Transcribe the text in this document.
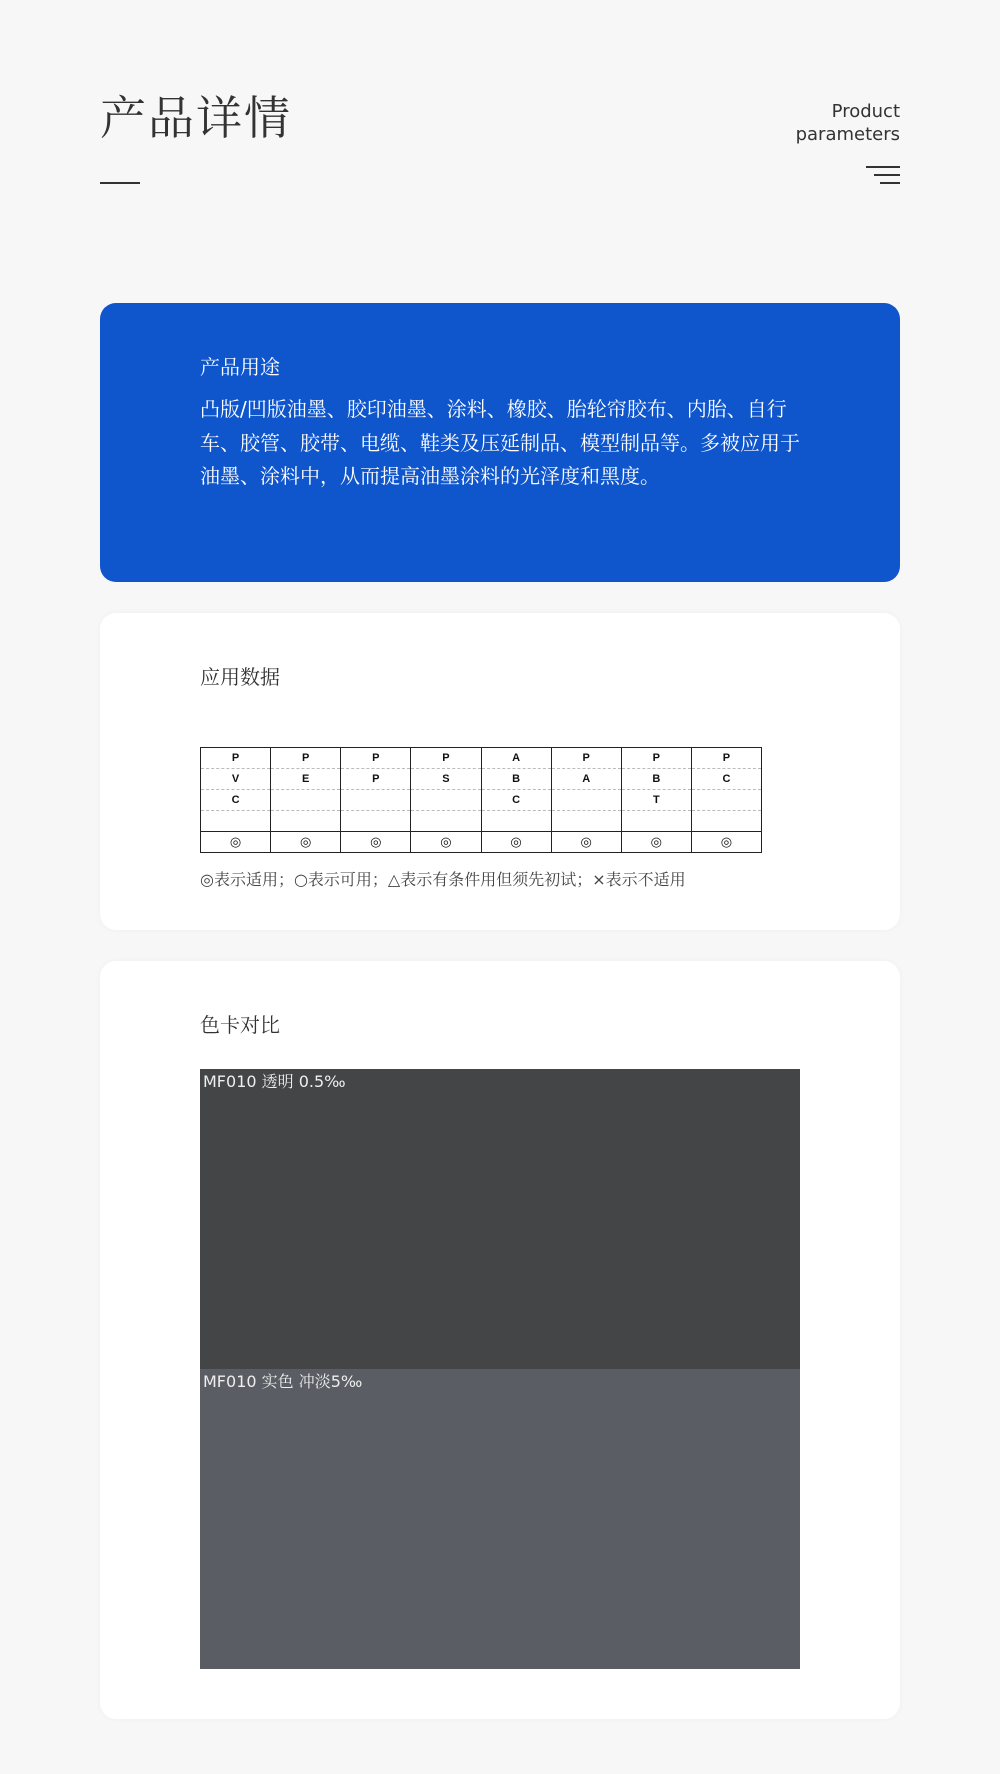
产品详情	Product
parameters
产品用途
凸版/凹版油墨、胶印油墨、涂料、橡胶、胎轮帘胶布、内胎、自行车、胶管、胶带、电缆、鞋类及压延制品、模型制品等。多被应用于油墨、涂料中，从而提高油墨涂料的光泽度和黑度。
应用数据
P	P	P	P	A	P	P	P
V	E	P	S	B	A	B	C
C				C		T	

◎	◎	◎	◎	◎	◎	◎	◎
◎表示适用；○表示可用；△表示有条件用但须先初试；×表示不适用
色卡对比
MF010 透明 0.5‰
MF010 实色 冲淡5‰
